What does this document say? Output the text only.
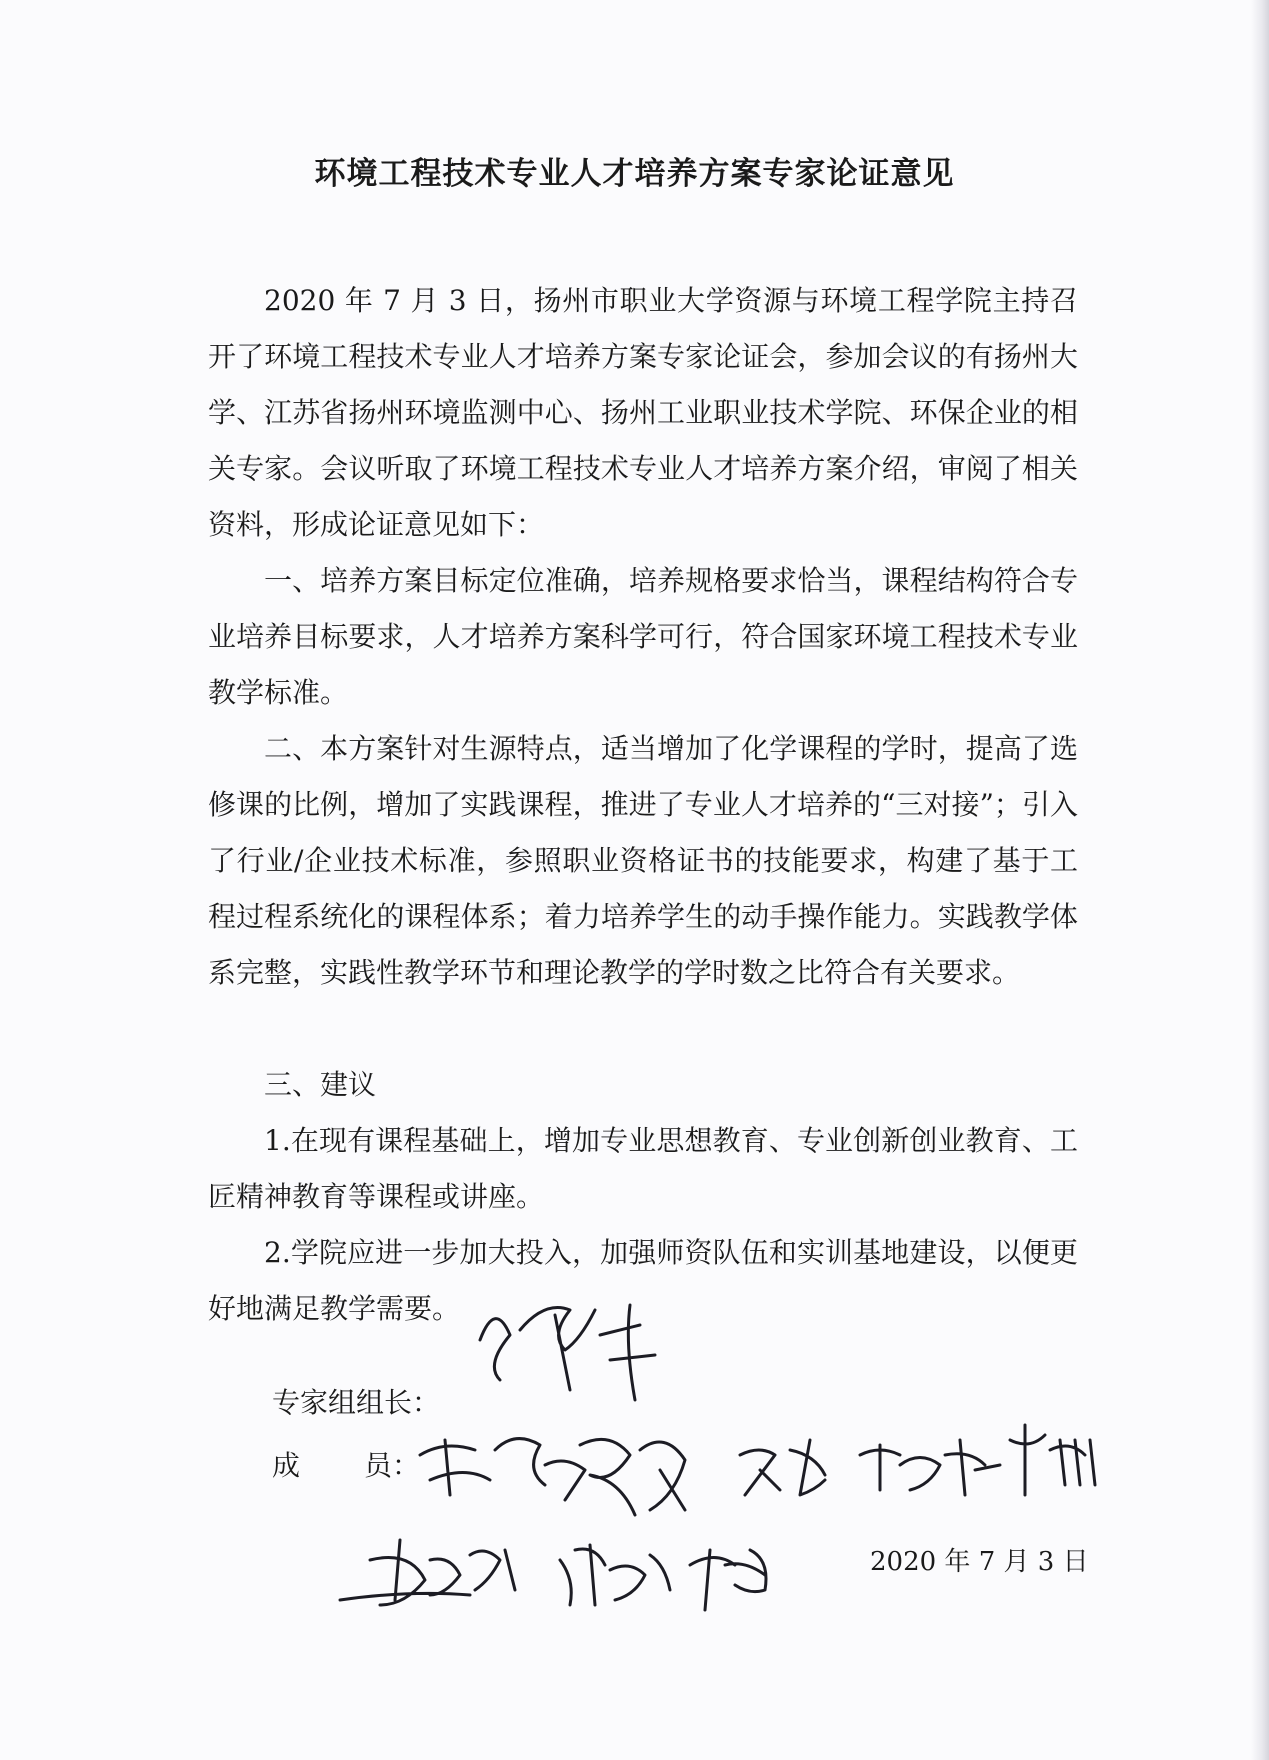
环境工程技术专业人才培养方案专家论证意见

2020 年 7 月 3 日，扬州市职业大学资源与环境工程学院主持召开了环境工程技术专业人才培养方案专家论证会，参加会议的有扬州大学、江苏省扬州环境监测中心、扬州工业职业技术学院、环保企业的相关专家。会议听取了环境工程技术专业人才培养方案介绍，审阅了相关资料，形成论证意见如下：

一、培养方案目标定位准确，培养规格要求恰当，课程结构符合专业培养目标要求，人才培养方案科学可行，符合国家环境工程技术专业教学标准。

二、本方案针对生源特点，适当增加了化学课程的学时，提高了选修课的比例，增加了实践课程，推进了专业人才培养的“三对接”；引入了行业/企业技术标准，参照职业资格证书的技能要求，构建了基于工程过程系统化的课程体系；着力培养学生的动手操作能力。实践教学体系完整，实践性教学环节和理论教学的学时数之比符合有关要求。

三、建议

1.在现有课程基础上，增加专业思想教育、专业创新创业教育、工匠精神教育等课程或讲座。

2.学院应进一步加大投入，加强师资队伍和实训基地建设，以便更好地满足教学需要。

专家组组长：
成 员：
2020 年 7 月 3 日
